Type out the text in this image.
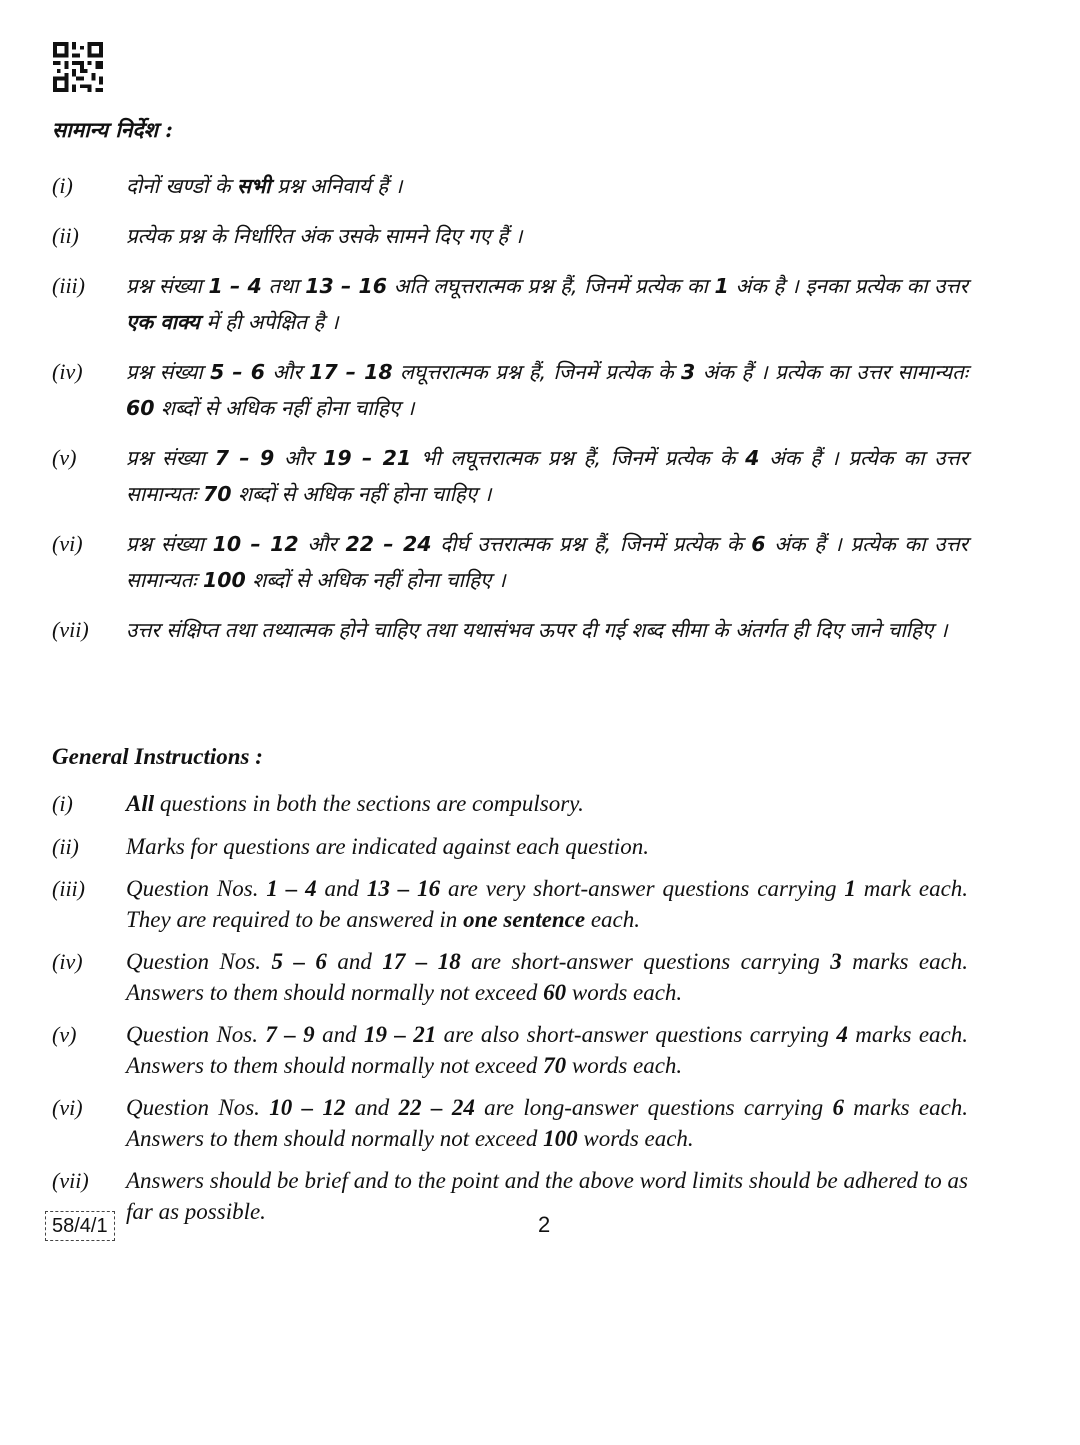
सामान्य निर्देश :
(i)	दोनों खण्डों के सभी प्रश्न अनिवार्य हैं ।
(ii)	प्रत्येक प्रश्न के निर्धारित अंक उसके सामने दिए गए हैं ।
(iii)	प्रश्न संख्या 1 – 4 तथा 13 – 16 अति लघूत्तरात्मक प्रश्न हैं, जिनमें प्रत्येक का 1 अंक है । इनका प्रत्येक का उत्तर एक वाक्य में ही अपेक्षित है ।
(iv)	प्रश्न संख्या 5 – 6 और 17 – 18 लघूत्तरात्मक प्रश्न हैं, जिनमें प्रत्येक के 3 अंक हैं । प्रत्येक का उत्तर सामान्यतः 60 शब्दों से अधिक नहीं होना चाहिए ।
(v)	प्रश्न संख्या 7 – 9 और 19 – 21 भी लघूत्तरात्मक प्रश्न हैं, जिनमें प्रत्येक के 4 अंक हैं । प्रत्येक का उत्तर सामान्यतः 70 शब्दों से अधिक नहीं होना चाहिए ।
(vi)	प्रश्न संख्या 10 – 12 और 22 – 24 दीर्घ उत्तरात्मक प्रश्न हैं, जिनमें प्रत्येक के 6 अंक हैं । प्रत्येक का उत्तर सामान्यतः 100 शब्दों से अधिक नहीं होना चाहिए ।
(vii)	उत्तर संक्षिप्त तथा तथ्यात्मक होने चाहिए तथा यथासंभव ऊपर दी गई शब्द सीमा के अंतर्गत ही दिए जाने चाहिए ।
General Instructions :
(i)	All questions in both the sections are compulsory.
(ii)	Marks for questions are indicated against each question.
(iii)	Question Nos. 1 – 4 and 13 – 16 are very short-answer questions carrying 1 mark each. They are required to be answered in one sentence each.
(iv)	Question Nos. 5 – 6 and 17 – 18 are short-answer questions carrying 3 marks each. Answers to them should normally not exceed 60 words each.
(v)	Question Nos. 7 – 9 and 19 – 21 are also short-answer questions carrying 4 marks each. Answers to them should normally not exceed 70 words each.
(vi)	Question Nos. 10 – 12 and 22 – 24 are long-answer questions carrying 6 marks each. Answers to them should normally not exceed 100 words each.
(vii)	Answers should be brief and to the point and the above word limits should be adhered to as far as possible.
58/4/1	2
